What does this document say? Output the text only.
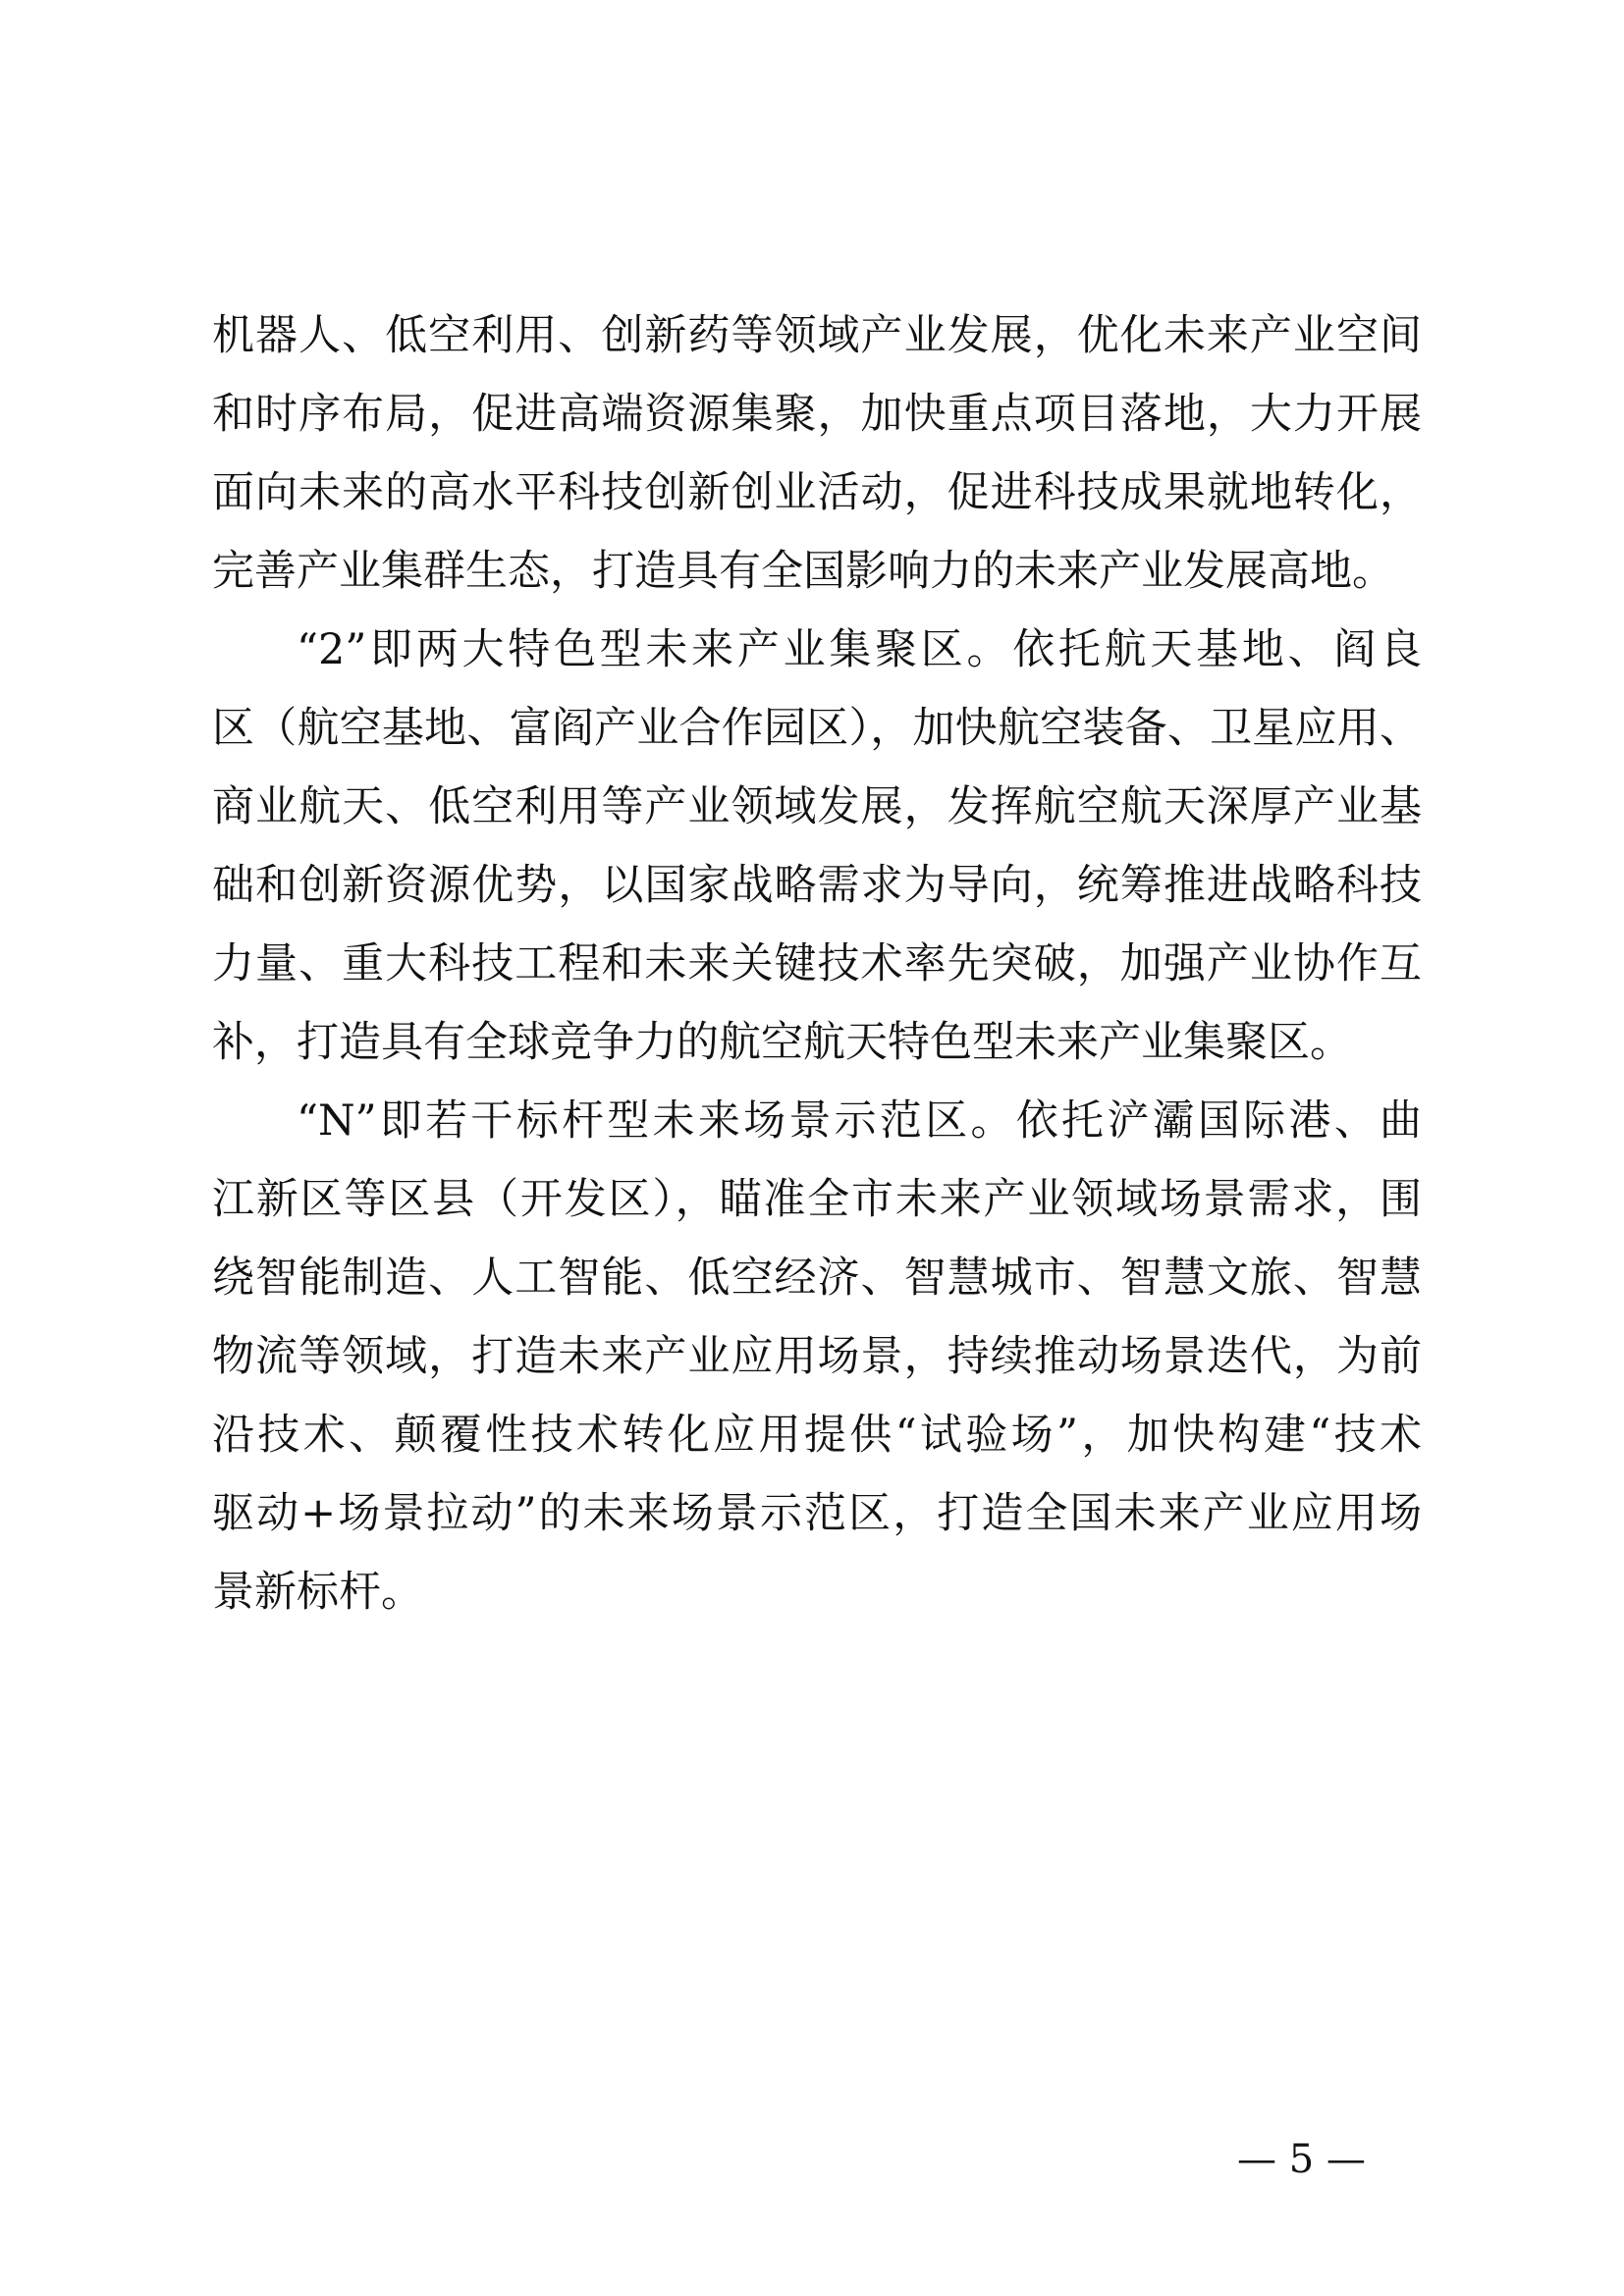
机器人、低空利用、创新药等领域产业发展，优化未来产业空间
和时序布局，促进高端资源集聚，加快重点项目落地，大力开展
面向未来的高水平科技创新创业活动，促进科技成果就地转化，
完善产业集群生态，打造具有全国影响力的未来产业发展高地。
“2”即两大特色型未来产业集聚区。依托航天基地、阎良
区（航空基地、富阎产业合作园区），加快航空装备、卫星应用、
商业航天、低空利用等产业领域发展，发挥航空航天深厚产业基
础和创新资源优势，以国家战略需求为导向，统筹推进战略科技
力量、重大科技工程和未来关键技术率先突破，加强产业协作互
补，打造具有全球竞争力的航空航天特色型未来产业集聚区。
“N”即若干标杆型未来场景示范区。依托浐灞国际港、曲
江新区等区县（开发区），瞄准全市未来产业领域场景需求，围
绕智能制造、人工智能、低空经济、智慧城市、智慧文旅、智慧
物流等领域，打造未来产业应用场景，持续推动场景迭代，为前
沿技术、颠覆性技术转化应用提供“试验场”，加快构建“技术
驱动+场景拉动”的未来场景示范区，打造全国未来产业应用场
景新标杆。
— 5 —
